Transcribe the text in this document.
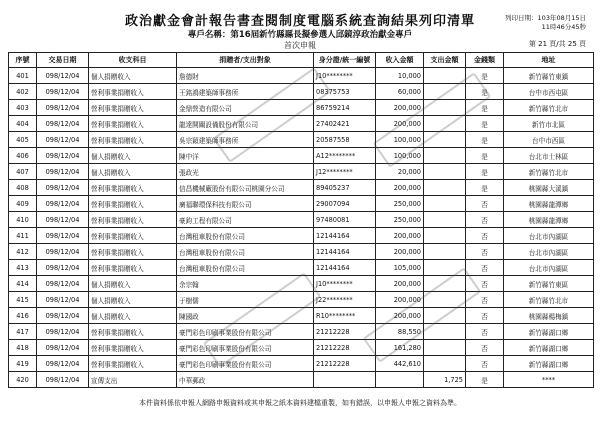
政治獻金會計報告書查閱制度電腦系統查詢結果列印清單
專戶名稱：第16屆新竹縣縣長擬參選人邱鏡淳政治獻金專戶
首次申報
列印日期：103年08月15日
11時46分45秒
第 21 頁/共 25 頁
序號	交易日期	收支科目	捐贈者/支出對象	身分證/統一編號	收入金額	支出金額	金錢類	地址
401	098/12/04	個人捐贈收入	詹德財	J10********	10,000		是	新竹縣竹東鎮
402	098/12/04	營利事業捐贈收入	王銘鴻建築師事務所	08375753	60,000		是	台中市西屯區
403	098/12/04	營利事業捐贈收入	金鼎營造有限公司	86759214	200,000		是	新竹縣竹北市
404	098/12/04	營利事業捐贈收入	龍達開關設備股份有限公司	27402421	200,000		是	新竹市北區
405	098/12/04	營利事業捐贈收入	吳宗穎建築師事務所	20587558	100,000		是	台中市西區
406	098/12/04	個人捐贈收入	陳中洋	A12********	100,000		是	台北市士林區
407	098/12/04	個人捐贈收入	張政光	J12********	20,000		是	新竹縣竹北市
408	098/12/04	營利事業捐贈收入	信昌機械廠股份有限公司桃園分公司	89405237	200,000		是	桃園縣大溪鎮
409	098/12/04	營利事業捐贈收入	廣福聯環保科技有限公司	29007094	250,000		否	桃園縣龍潭鄉
410	098/12/04	營利事業捐贈收入	豪鈞工程有限公司	97480081	250,000		否	桃園縣龍潭鄉
411	098/12/04	營利事業捐贈收入	台灣租車股份有限公司	12144164	200,000		否	台北市內湖區
412	098/12/04	營利事業捐贈收入	台灣租車股份有限公司	12144164	200,000		否	台北市內湖區
413	098/12/04	營利事業捐贈收入	台灣租車股份有限公司	12144164	105,000		否	台北市內湖區
414	098/12/04	個人捐贈收入	余宗翰	J10********	200,000		否	新竹縣竹東區
415	098/12/04	個人捐贈收入	于樹儒	J22********	200,000		否	新竹縣竹北市
416	098/12/04	個人捐贈收入	陳國政	R10********	200,000		否	桃園縣楊梅鎮
417	098/12/04	營利事業捐贈收入	豪門彩色印刷事業股份有限公司	21212228	88,550		否	新竹縣湖口鄉
418	098/12/04	營利事業捐贈收入	豪門彩色印刷事業股份有限公司	21212228	161,280		否	新竹縣湖口鄉
419	098/12/04	營利事業捐贈收入	豪門彩色印刷事業股份有限公司	21212228	442,610		否	新竹縣湖口鄉
420	098/12/04	宣傳支出	中華郵政			1,725	是	****
本件資料係依申報人網路申報資料或其申報之紙本資料建檔重製，如有錯誤，以申報人申報之資料為準。
